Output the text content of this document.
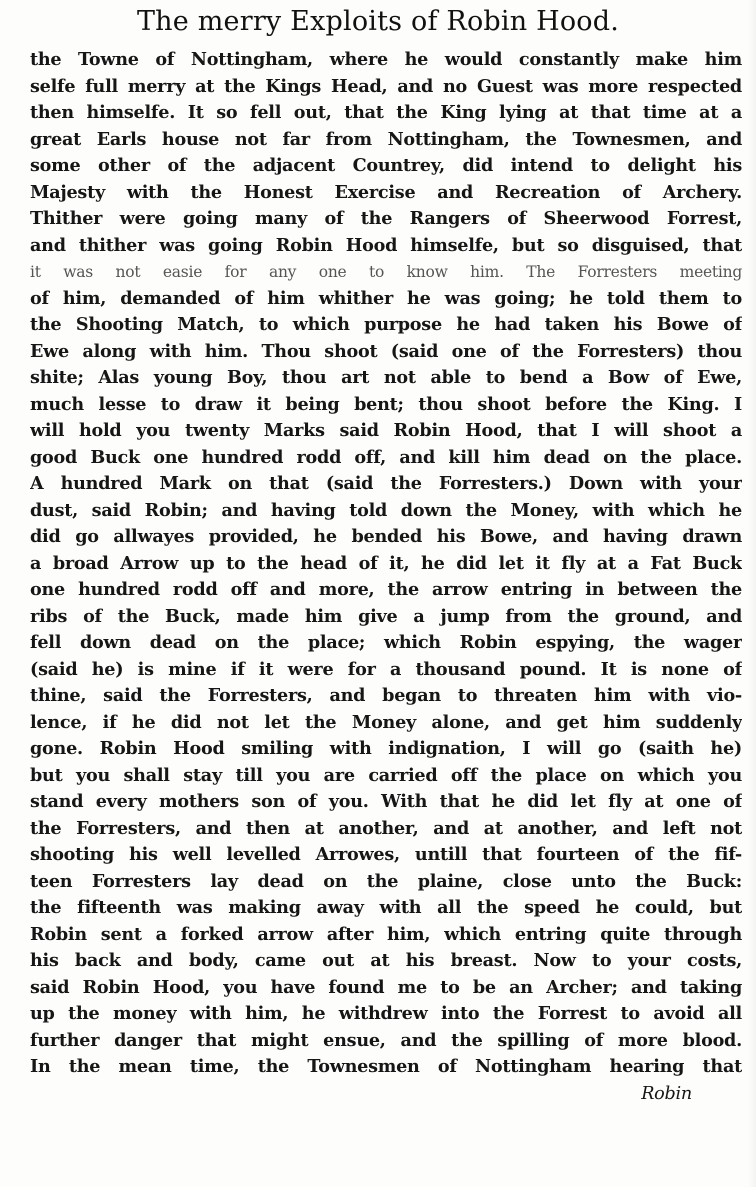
The merry Exploits of Robin Hood.
the Towne of Nottingham, where he would constantly make him
selfe full merry at the Kings Head, and no Guest was more respected
then himselfe. It so fell out, that the King lying at that time at a
great Earls house not far from Nottingham, the Townesmen, and
some other of the adjacent Countrey, did intend to delight his
Majesty with the Honest Exercise and Recreation of Archery.
Thither were going many of the Rangers of Sheerwood Forrest,
and thither was going Robin Hood himselfe, but so disguised, that
it was not easie for any one to know him. The Forresters meeting
of him, demanded of him whither he was going; he told them to
the Shooting Match, to which purpose he had taken his Bowe of
Ewe along with him. Thou shoot (said one of the Forresters) thou
shite; Alas young Boy, thou art not able to bend a Bow of Ewe,
much lesse to draw it being bent; thou shoot before the King. I
will hold you twenty Marks said Robin Hood, that I will shoot a
good Buck one hundred rodd off, and kill him dead on the place.
A hundred Mark on that (said the Forresters.) Down with your
dust, said Robin; and having told down the Money, with which he
did go allwayes provided, he bended his Bowe, and having drawn
a broad Arrow up to the head of it, he did let it fly at a Fat Buck
one hundred rodd off and more, the arrow entring in between the
ribs of the Buck, made him give a jump from the ground, and
fell down dead on the place; which Robin espying, the wager
(said he) is mine if it were for a thousand pound. It is none of
thine, said the Forresters, and began to threaten him with vio-
lence, if he did not let the Money alone, and get him suddenly
gone. Robin Hood smiling with indignation, I will go (saith he)
but you shall stay till you are carried off the place on which you
stand every mothers son of you. With that he did let fly at one of
the Forresters, and then at another, and at another, and left not
shooting his well levelled Arrowes, untill that fourteen of the fif-
teen Forresters lay dead on the plaine, close unto the Buck:
the fifteenth was making away with all the speed he could, but
Robin sent a forked arrow after him, which entring quite through
his back and body, came out at his breast. Now to your costs,
said Robin Hood, you have found me to be an Archer; and taking
up the money with him, he withdrew into the Forrest to avoid all
further danger that might ensue, and the spilling of more blood.
In the mean time, the Townesmen of Nottingham hearing that
Robin
